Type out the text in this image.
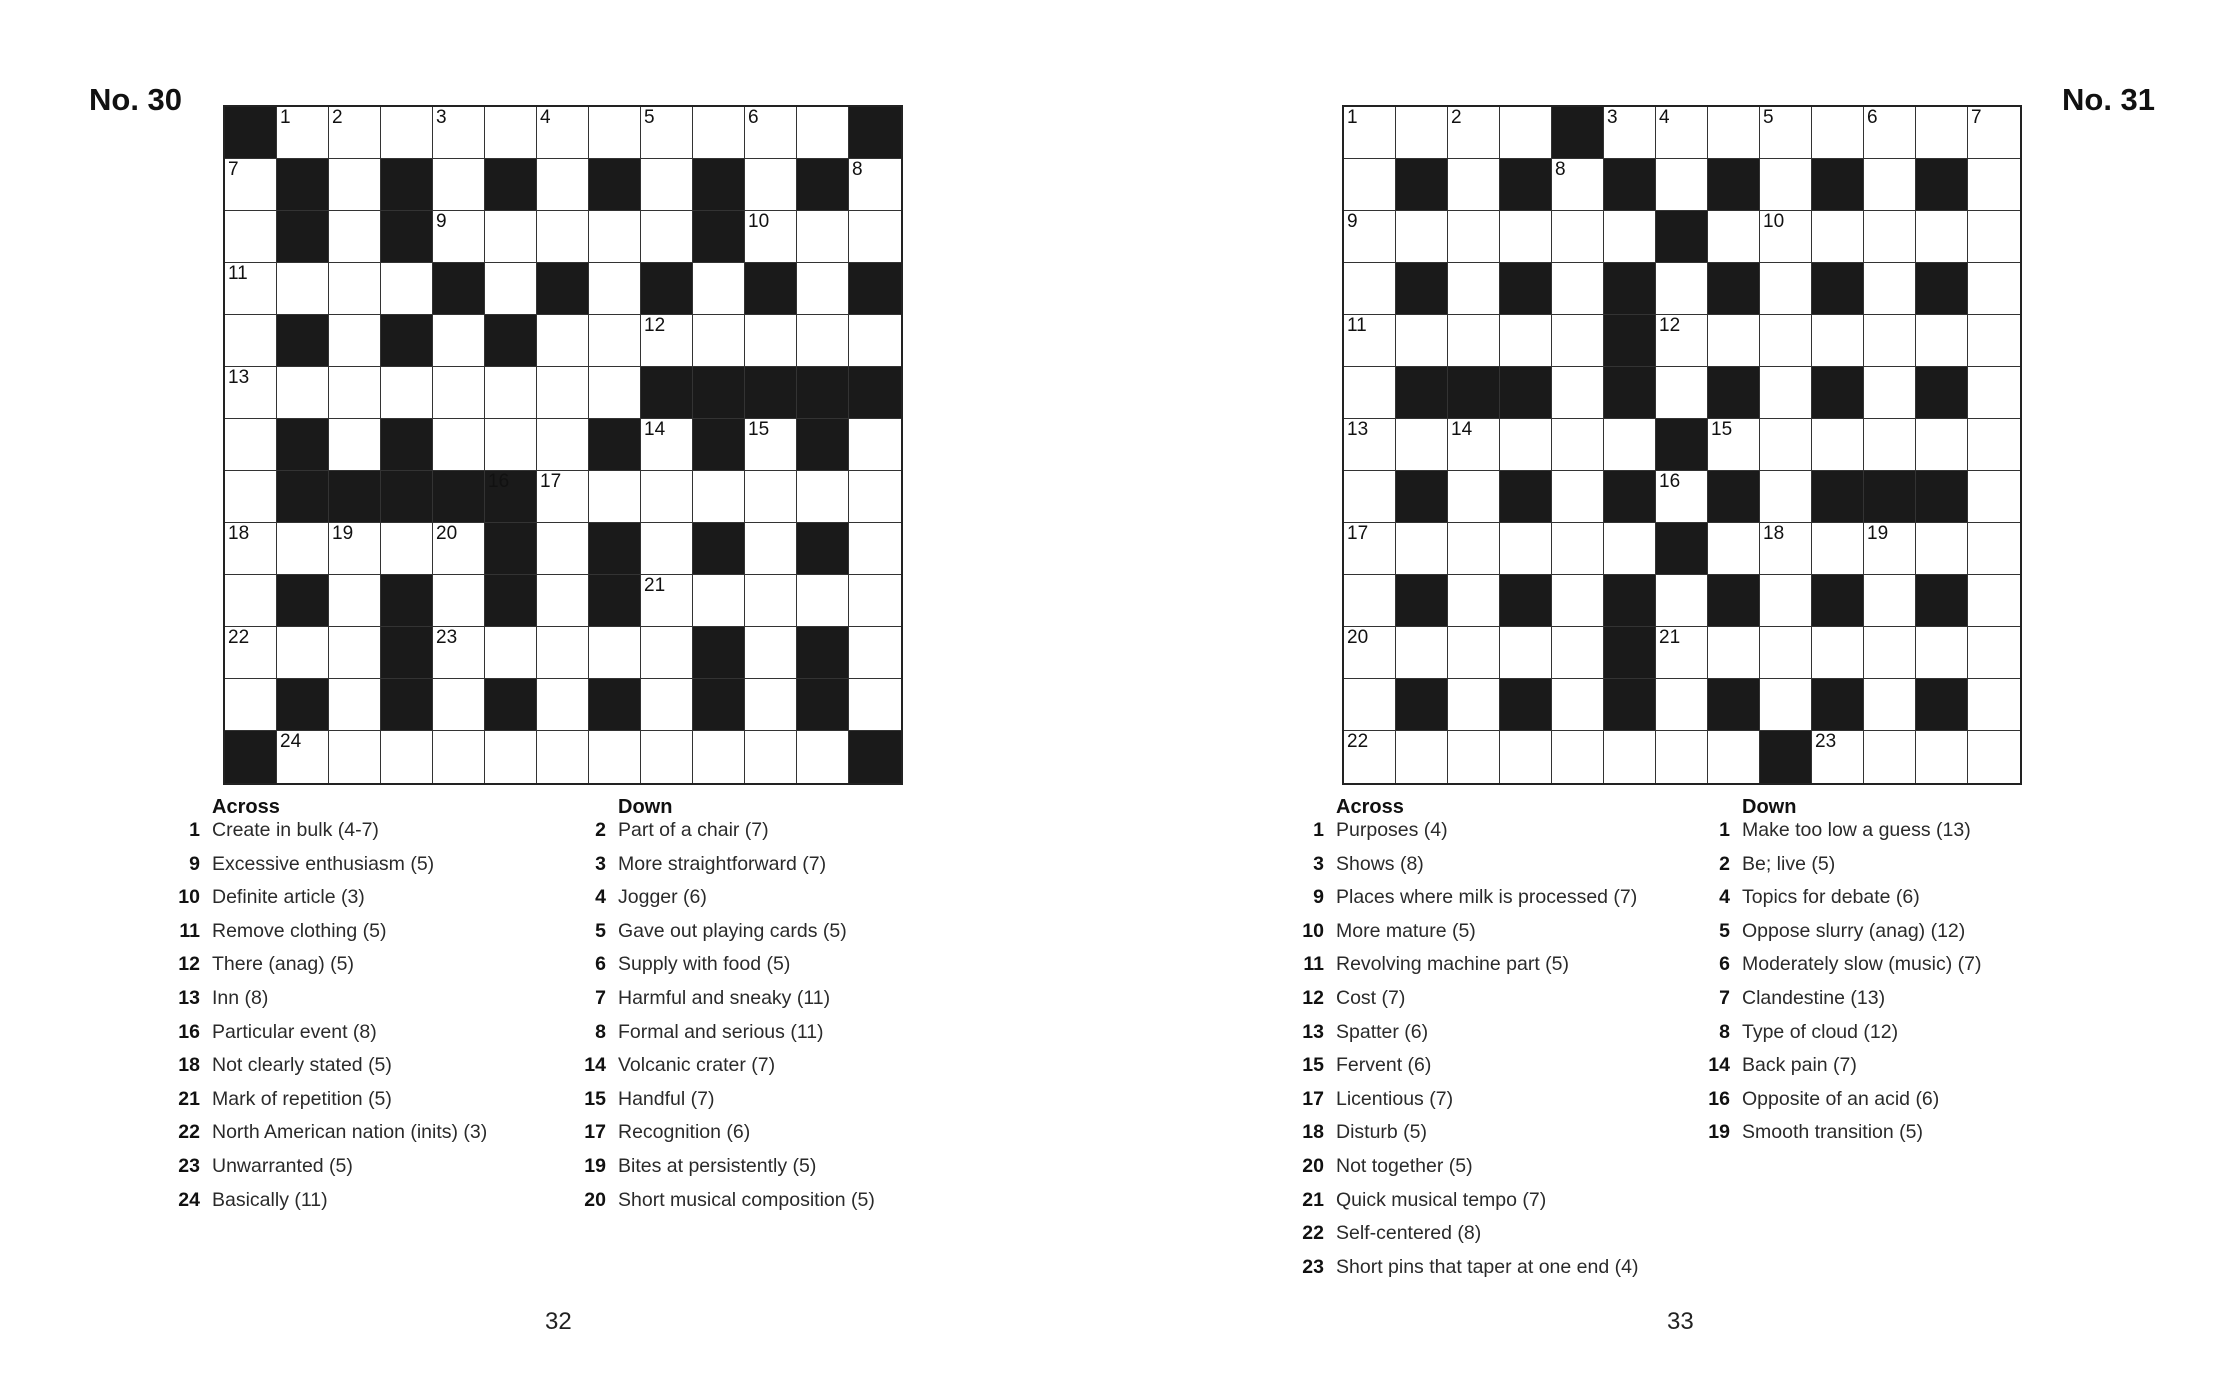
No. 30
1 2	3	4	5	6
7	8
9	10
11
12
13
14	15
16 17
18	19	20
21
22	23
24
Across
1 Create in bulk (4-7)
9 Excessive enthusiasm (5)
10 Definite article (3)
11 Remove clothing (5)
12 There (anag) (5)
13 Inn (8)
16 Particular event (8)
18 Not clearly stated (5)
21 Mark of repetition (5)
22 North American nation (inits) (3)
23 Unwarranted (5)
24 Basically (11)
Down
2 Part of a chair (7)
3 More straightforward (7)
4 Jogger (6)
5 Gave out playing cards (5)
6 Supply with food (5)
7 Harmful and sneaky (11)
8 Formal and serious (11)
14 Volcanic crater (7)
15 Handful (7)
17 Recognition (6)
19 Bites at persistently (5)
20 Short musical composition (5)
32
No. 31
1	2	3 4	5	6	7
8
9	10
11	12
13	14	15
16
17	18	19
20	21
22	23
Across
1 Purposes (4)
3 Shows (8)
9 Places where milk is processed (7)
10 More mature (5)
11 Revolving machine part (5)
12 Cost (7)
13 Spatter (6)
15 Fervent (6)
17 Licentious (7)
18 Disturb (5)
20 Not together (5)
21 Quick musical tempo (7)
22 Self-centered (8)
23 Short pins that taper at one end (4)
Down
1 Make too low a guess (13)
2 Be; live (5)
4 Topics for debate (6)
5 Oppose slurry (anag) (12)
6 Moderately slow (music) (7)
7 Clandestine (13)
8 Type of cloud (12)
14 Back pain (7)
16 Opposite of an acid (6)
19 Smooth transition (5)
33
